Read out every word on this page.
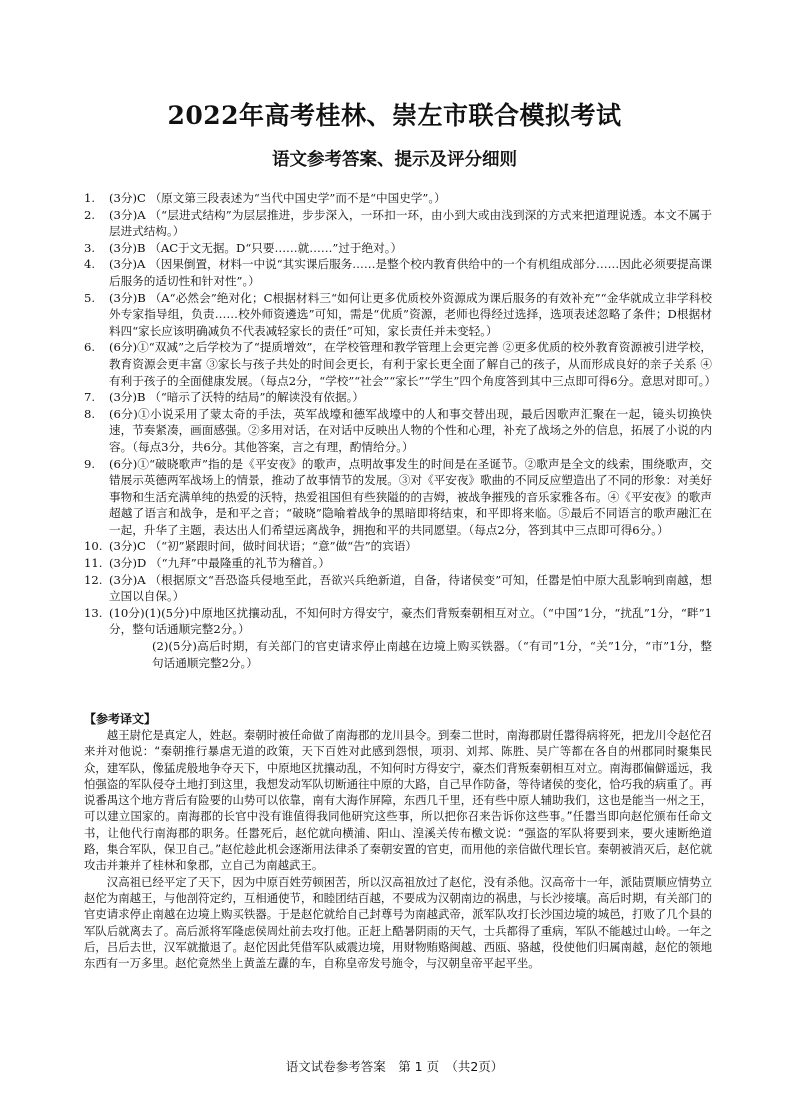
2022年高考桂林、崇左市联合模拟考试
语文参考答案、提示及评分细则
1.	(3分)C （原文第三段表述为“当代中国史学”而不是“中国史学”。）
2.	(3分)A （“层进式结构”为层层推进，步步深入，一环扣一环，由小到大或由浅到深的方式来把道理说透。本文不属于层进式结构。）
3.	(3分)B （AC于文无据。D“只要……就……”过于绝对。）
4.	(3分)A （因果倒置，材料一中说“其实课后服务……是整个校内教育供给中的一个有机组成部分……因此必须要提高课后服务的适切性和针对性”。）
5.	(3分)B （A“必然会”绝对化；C根据材料三“如何让更多优质校外资源成为课后服务的有效补充”“金华就成立非学科校外专家指导组，负责……校外师资遴选”可知，需是“优质”资源，老师也得经过选择，选项表述忽略了条件；D根据材料四“家长应该明确减负不代表减轻家长的责任”可知，家长责任并未变轻。）
6.	(6分)①“双减”之后学校为了“提质增效”，在学校管理和教学管理上会更完善 ②更多优质的校外教育资源被引进学校，教育资源会更丰富 ③家长与孩子共处的时间会更长，有利于家长更全面了解自己的孩子，从而形成良好的亲子关系 ④有利于孩子的全面健康发展。（每点2分，“学校”“社会”“家长”“学生”四个角度答到其中三点即可得6分。意思对即可。）
7.	(3分)B （“暗示了沃特的结局”的解读没有依据。）
8.	(6分)①小说采用了蒙太奇的手法，英军战壕和德军战壕中的人和事交替出现，最后因歌声汇聚在一起，镜头切换快速，节奏紧凑，画面感强。②多用对话，在对话中反映出人物的个性和心理，补充了战场之外的信息，拓展了小说的内容。（每点3分，共6分。其他答案，言之有理，酌情给分。）
9.	(6分)①“破晓歌声”指的是《平安夜》的歌声，点明故事发生的时间是在圣诞节。②歌声是全文的线索，围绕歌声，交错展示英德两军战场上的情景，推动了故事情节的发展。③对《平安夜》歌曲的不同反应塑造出了不同的形象：对美好事物和生活充满单纯的热爱的沃特，热爱祖国但有些狭隘的的吉姆，被战争摧残的音乐家雅各布。④《平安夜》的歌声超越了语言和战争，是和平之音；“破晓”隐喻着战争的黑暗即将结束，和平即将来临。⑤最后不同语言的歌声融汇在一起，升华了主题，表达出人们希望远离战争，拥抱和平的共同愿望。（每点2分，答到其中三点即可得6分。）
10. (3分)C （“初”紧跟时间，做时间状语；“意”做“告”的宾语）
11. (3分)D （“九拜”中最隆重的礼节为稽首。）
12. (3分)A （根据原文“吾恐盗兵侵地至此，吾欲兴兵绝新道，自备，待诸侯变”可知，任嚣是怕中原大乱影响到南越，想立国以自保。）
13. (10分)(1)(5分)中原地区扰攘动乱，不知何时方得安宁，豪杰们背叛秦朝相互对立。（“中国”1分，“扰乱”1分，“畔”1分，整句话通顺完整2分。）
(2)(5分)高后时期，有关部门的官吏请求停止南越在边境上购买铁器。（“有司”1分，“关”1分，“市”1分，整句话通顺完整2分。）
【参考译文】

越王尉佗是真定人，姓赵。秦朝时被任命做了南海郡的龙川县令。到秦二世时，南海郡尉任嚣得病将死，把龙川令赵佗召来并对他说：“秦朝推行暴虐无道的政策，天下百姓对此感到怨恨，项羽、刘邦、陈胜、吴广等都在各自的州郡同时聚集民众，建军队，像猛虎般地争夺天下，中原地区扰攘动乱，不知何时方得安宁，豪杰们背叛秦朝相互对立。南海郡偏僻遥远，我怕强盗的军队侵夺土地打到这里，我想发动军队切断通往中原的大路，自己早作防备，等待诸侯的变化，恰巧我的病重了。再说番禺这个地方背后有险要的山势可以依靠，南有大海作屏障，东西几千里，还有些中原人辅助我们，这也是能当一州之王，可以建立国家的。南海郡的长官中没有谁值得我同他研究这些事，所以把你召来告诉你这些事。”任嚣当即向赵佗颁布任命文书，让他代行南海郡的职务。任嚣死后，赵佗就向横浦、阳山、湟溪关传布檄文说：“强盗的军队将要到来，要火速断绝道路，集合军队，保卫自己。”赵佗趁此机会逐渐用法律杀了秦朝安置的官吏，而用他的亲信做代理长官。秦朝被消灭后，赵佗就攻击并兼并了桂林和象郡，立自己为南越武王。

汉高祖已经平定了天下，因为中原百姓劳顿困苦，所以汉高祖放过了赵佗，没有杀他。汉高帝十一年，派陆贾顺应情势立赵佗为南越王，与他剖符定约，互相通使节，和睦团结百越，不要成为汉朝南边的祸患，与长沙接壤。高后时期，有关部门的官吏请求停止南越在边境上购买铁器。于是赵佗就给自己封尊号为南越武帝，派军队攻打长沙国边境的城邑，打败了几个县的军队后就离去了。高后派将军隆虑侯周灶前去攻打他。正赶上酷暑阴雨的天气，士兵都得了重病，军队不能越过山岭。一年之后，吕后去世，汉军就撤退了。赵佗因此凭借军队威震边境，用财物贿赂闽越、西瓯、骆越，役使他们归属南越，赵佗的领地东西有一万多里。赵佗竟然坐上黄盖左纛的车，自称皇帝发号施令，与汉朝皇帝平起平坐。

语文试卷参考答案　第 1 页　（共2页）
